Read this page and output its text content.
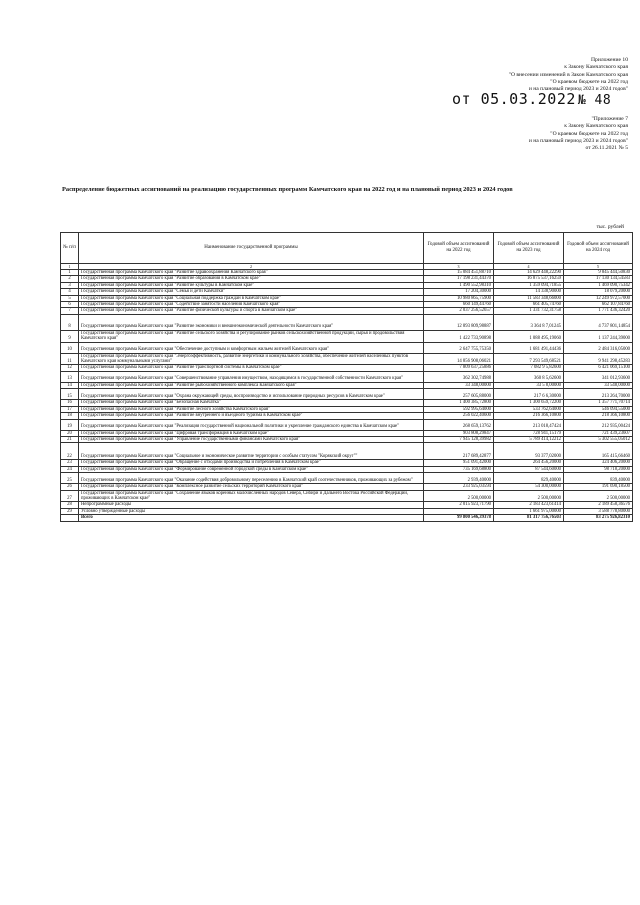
Приложение 10
к Закону Камчатского края
"О внесении изменений в Закон Камчатского края
"О краевом бюджете на 2022 год
и на плановый период 2023 и 2024 годов"
от 05.03.2022 № 48
"Приложение 7
к Закону Камчатского края
"О краевом бюджете на 2022 год
и на плановый период 2023 и 2024 годов"
от 26.11.2021 № 5
Распределение бюджетных ассигнований на реализацию государственных программ Камчатского края на 2022 год и на плановый период 2023 и 2024 годов
тыс. рублей
№ п/п	Наименование государственной программы	Годовой объем ассигнований на 2022 год	Годовой объем ассигнований на 2023 год	Годовой объем ассигнований на 2024 год
1	2	3	4	5
1	Государственная программа Камчатского края "Развитие здравоохранения Камчатского края"	15 084 451,88710	14 629 448,22290	9 845 444,50830
2	Государственная программа Камчатского края "Развитие образования в Камчатском крае"	17 198 231,44370	16 875 537,16259	17 130 134,54583
3	Государственная программа Камчатского края "Развитие культуры в Камчатском крае"	1 490 552,98310	1 359 094,71855	1 469 090,75342
4	Государственная программа Камчатского края "Семья и дети Камчатки"	17 204,30000	14 338,90000	18 079,20000
5	Государственная программа Камчатского края "Социальная поддержка граждан в Камчатском крае"	10 980 865,75900	11 583 348,66000	12 249 972,57000
6	Государственная программа Камчатского края "Содействие занятости населения Камчатского края"	660 149,44760	661 405,74760	662 107,84760
7	Государственная программа Камчатского края "Развитие физической культуры и спорта в Камчатском крае"	2 037 256,52657	1 331 732,31758	1 771 436,32420
8	Государственная программа Камчатского края "Развитие экономики и внешнеэкономической деятельности Камчатского края"	12 893 809,98887	3 364 8 7,01245	4 737 801,14854
9	Государственная программа Камчатского края "Развитие сельского хозяйства и регулирование рынков сельскохозяйственной продукции, сырья и продовольствия Камчатского края"	1 422 733,90898	1 088 495,19060	1 137 244,39000
10	Государственная программа Камчатского края "Обеспечение доступным и комфортным жильем жителей Камчатского края"	2 647 755,75350	1 681 491,44436	2 484 316,05000
11	Государственная программа Камчатского края "Энергоэффективность, развитие энергетики и коммунального хозяйства, обеспечение жителей населенных пунктов Камчатского края коммунальными услугами"	14 856 908,06021	7 293 549,68521	9 941 298,45283
12	Государственная программа Камчатского края "Развитие транспортной системы в Камчатском крае"	7 809 637,25886	7 082 9 5,82600	6 421 069,15100
13	Государственная программа Камчатского края "Совершенствование управления имуществом, находящимся в государственной собственности Камчатского края"	362 302,74988	360 8 5,62600	341 012,93600
14	Государственная программа Камчатского края "Развитие рыбохозяйственного комплекса Камчатского края"	33 348,00000	33 5 8,00000	33 548,00000
15	Государственная программа Камчатского края "Охрана окружающей среды, воспроизводство и использование природных ресурсов в Камчатском крае"	257 605,88000	217 6 6,30000	213 264,70000
16	Государственная программа Камчатского края "Безопасная Камчатка"	1 400 385,72800	1 300 659,72200	1 357 771,70714
17	Государственная программа Камчатского края "Развитие лесного хозяйства Камчатского края"	592 995,64000	533 762,64000	546 094,55000
18	Государственная программа Камчатского края "Развитие внутреннего и въездного туризма в Камчатском крае"	256 022,40600	216 366,10800	218 366,10800
19	Государственная программа Камчатского края "Реализация государственной национальной политики и укрепление гражданского единства в Камчатском крае"	268 659,13762	213 018,47424	212 935,00424
20	Государственная программа Камчатского края "Цифровая трансформация в Камчатском крае"	903 808,29847	728 941,15179	721 439,23607
21	Государственная программа Камчатского края "Управление государственными финансами Камчатского края"	7 945 128,39982	5 789 414,12212	5 302 555,05012
22	Государственная программа Камчатского края "Социальное и экономическое развитие территории с особым статусом "Корякский округ""	217 689,42877	93 377,02000	165 415,66460
23	Государственная программа Камчатского края "Обращение с отходами производства и потребления в Камчатском крае"	951 091,42000	264 456,20000	324 406,20000
24	Государственная программа Камчатского края "Формирование современной городской среды в Камчатском крае"	735 169,68800	87 544,60000	98 718,20000
25	Государственная программа Камчатского края "Оказание содействия добровольному переселению в Камчатский край соотечественников, проживающих за рубежом"	2 939,40000	829,40000	839,40000
26	Государственная программа Камчатского края "Комплексное развитие сельских территорий Камчатского края"	233 925,03594	54 300,00000	191 690,18500
27	Государственная программа Камчатского края "Сохранение языков коренных малочисленных народов Севера, Сибири и Дальнего Востока Российской Федерации, проживающих в Камчатском крае"	2 500,00000	2 500,00000	2 500,00000
28	Непрограммные расходы	2 015 923,71790	2 183 423,61414	2 189 458,36576
29	Условно утвержденные расходы		1 661 975,00000	3 588 778,80000
	Всего	99 800 546,39378	81 317 756,76503	83 275 926,82310
